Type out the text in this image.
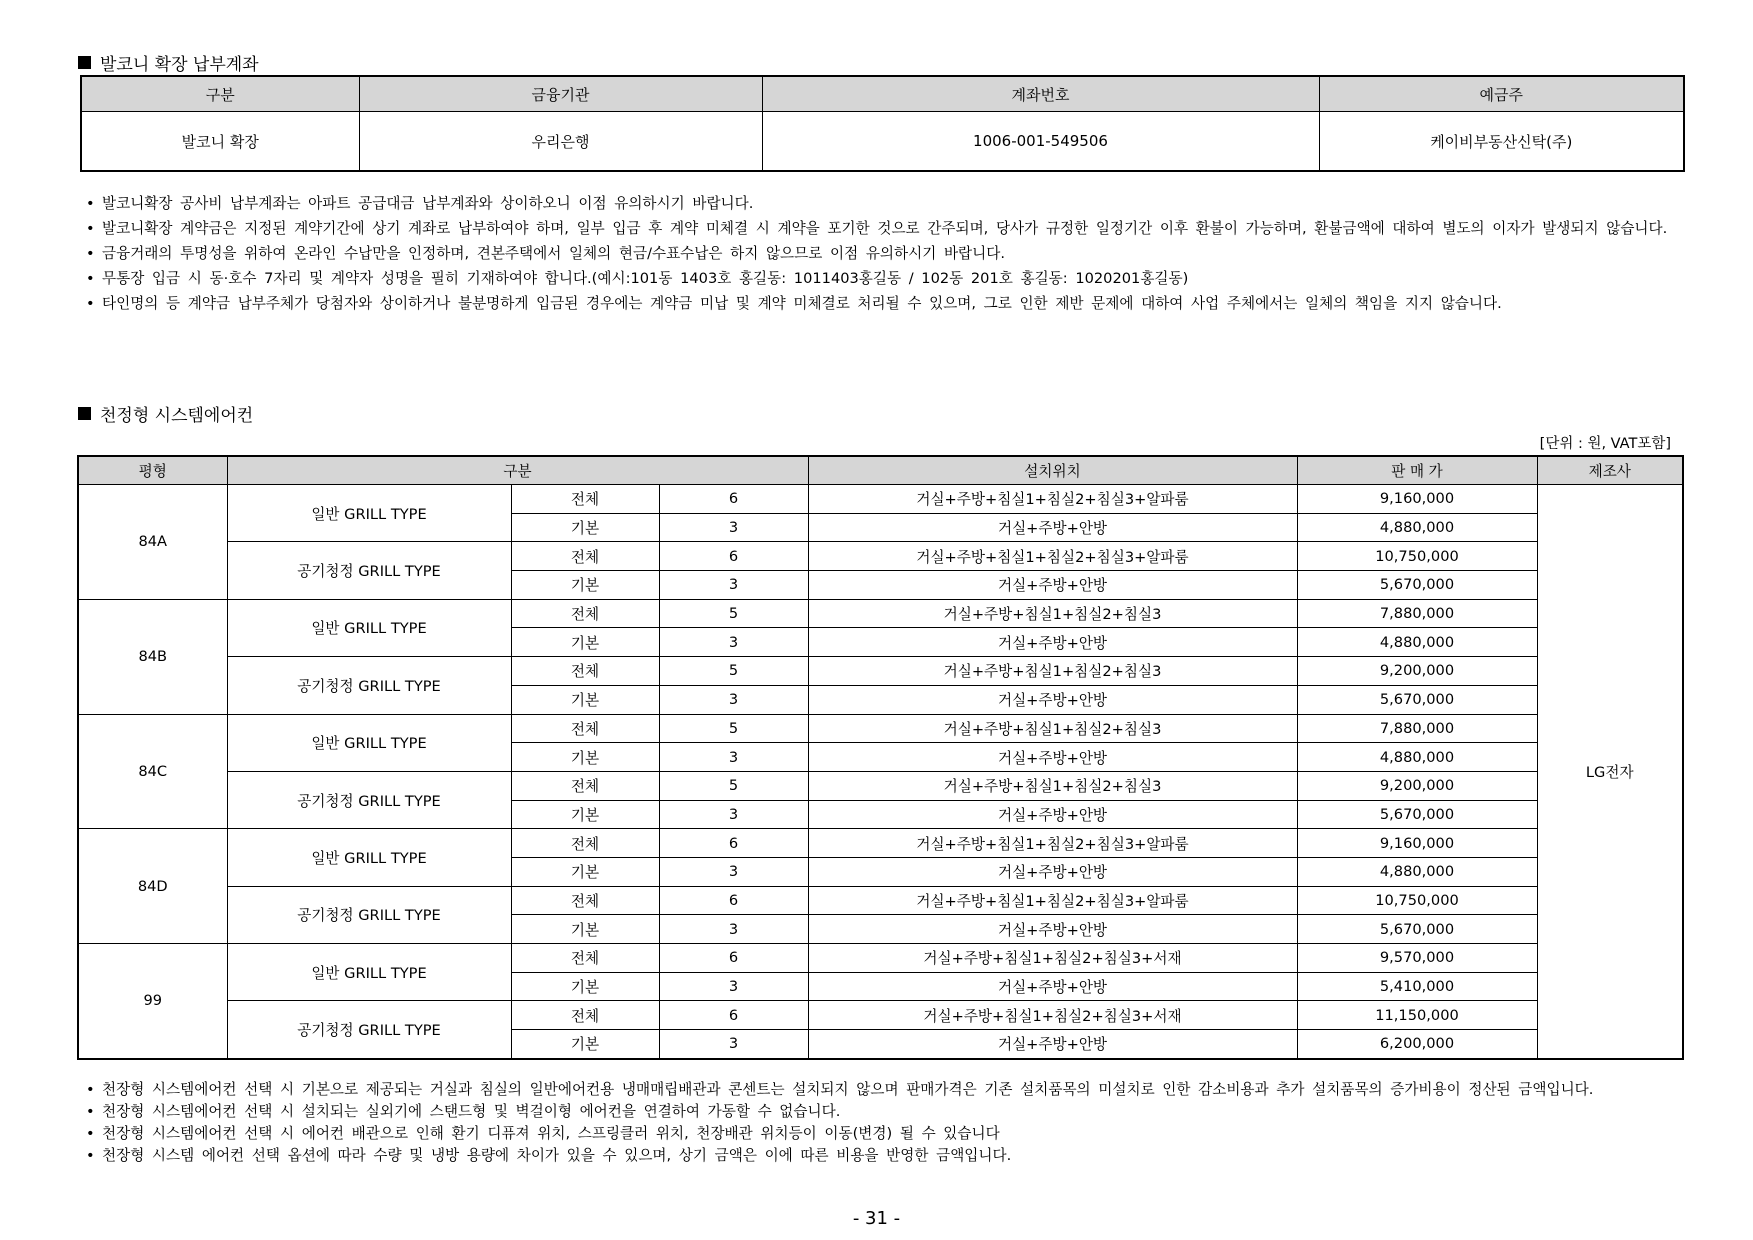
발코니 확장 납부계좌
구분	금융기관	계좌번호	예금주
발코니 확장	우리은행	1006-001-549506	케이비부동산신탁(주)
• 발코니확장 공사비 납부계좌는 아파트 공급대금 납부계좌와 상이하오니 이점 유의하시기 바랍니다.
• 발코니확장 계약금은 지정된 계약기간에 상기 계좌로 납부하여야 하며, 일부 입금 후 계약 미체결 시 계약을 포기한 것으로 간주되며, 당사가 규정한 일정기간 이후 환불이 가능하며, 환불금액에 대하여 별도의 이자가 발생되지 않습니다.
• 금융거래의 투명성을 위하여 온라인 수납만을 인정하며, 견본주택에서 일체의 현금/수표수납은 하지 않으므로 이점 유의하시기 바랍니다.
• 무통장 입금 시 동·호수 7자리 및 계약자 성명을 필히 기재하여야 합니다.(예시:101동 1403호 홍길동: 1011403홍길동 / 102동 201호 홍길동: 1020201홍길동)
• 타인명의 등 계약금 납부주체가 당첨자와 상이하거나 불분명하게 입금된 경우에는 계약금 미납 및 계약 미체결로 처리될 수 있으며, 그로 인한 제반 문제에 대하여 사업 주체에서는 일체의 책임을 지지 않습니다.
천정형 시스템에어컨
[단위 : 원, VAT포함]
평형	구분			설치위치	판 매 가	제조사
84A	일반 GRILL TYPE	전체	6	거실+주방+침실1+침실2+침실3+알파룸	9,160,000	LG전자
		기본	3	거실+주방+안방	4,880,000	
	공기청정 GRILL TYPE	전체	6	거실+주방+침실1+침실2+침실3+알파룸	10,750,000	
		기본	3	거실+주방+안방	5,670,000	
84B	일반 GRILL TYPE	전체	5	거실+주방+침실1+침실2+침실3	7,880,000	
		기본	3	거실+주방+안방	4,880,000	
	공기청정 GRILL TYPE	전체	5	거실+주방+침실1+침실2+침실3	9,200,000	
		기본	3	거실+주방+안방	5,670,000	
84C	일반 GRILL TYPE	전체	5	거실+주방+침실1+침실2+침실3	7,880,000	
		기본	3	거실+주방+안방	4,880,000	
	공기청정 GRILL TYPE	전체	5	거실+주방+침실1+침실2+침실3	9,200,000	
		기본	3	거실+주방+안방	5,670,000	
84D	일반 GRILL TYPE	전체	6	거실+주방+침실1+침실2+침실3+알파룸	9,160,000	
		기본	3	거실+주방+안방	4,880,000	
	공기청정 GRILL TYPE	전체	6	거실+주방+침실1+침실2+침실3+알파룸	10,750,000	
		기본	3	거실+주방+안방	5,670,000	
99	일반 GRILL TYPE	전체	6	거실+주방+침실1+침실2+침실3+서재	9,570,000	
		기본	3	거실+주방+안방	5,410,000	
	공기청정 GRILL TYPE	전체	6	거실+주방+침실1+침실2+침실3+서재	11,150,000	
		기본	3	거실+주방+안방	6,200,000	
• 천장형 시스템에어컨 선택 시 기본으로 제공되는 거실과 침실의 일반에어컨용 냉매매립배관과 콘센트는 설치되지 않으며 판매가격은 기존 설치품목의 미설치로 인한 감소비용과 추가 설치품목의 증가비용이 정산된 금액입니다.
• 천장형 시스템에어컨 선택 시 설치되는 실외기에 스탠드형 및 벽걸이형 에어컨을 연결하여 가동할 수 없습니다.
• 천장형 시스템에어컨 선택 시 에어컨 배관으로 인해 환기 디퓨져 위치, 스프링클러 위치, 천장배관 위치등이 이동(변경) 될 수 있습니다
• 천장형 시스템 에어컨 선택 옵션에 따라 수량 및 냉방 용량에 차이가 있을 수 있으며, 상기 금액은 이에 따른 비용을 반영한 금액입니다.
- 31 -
